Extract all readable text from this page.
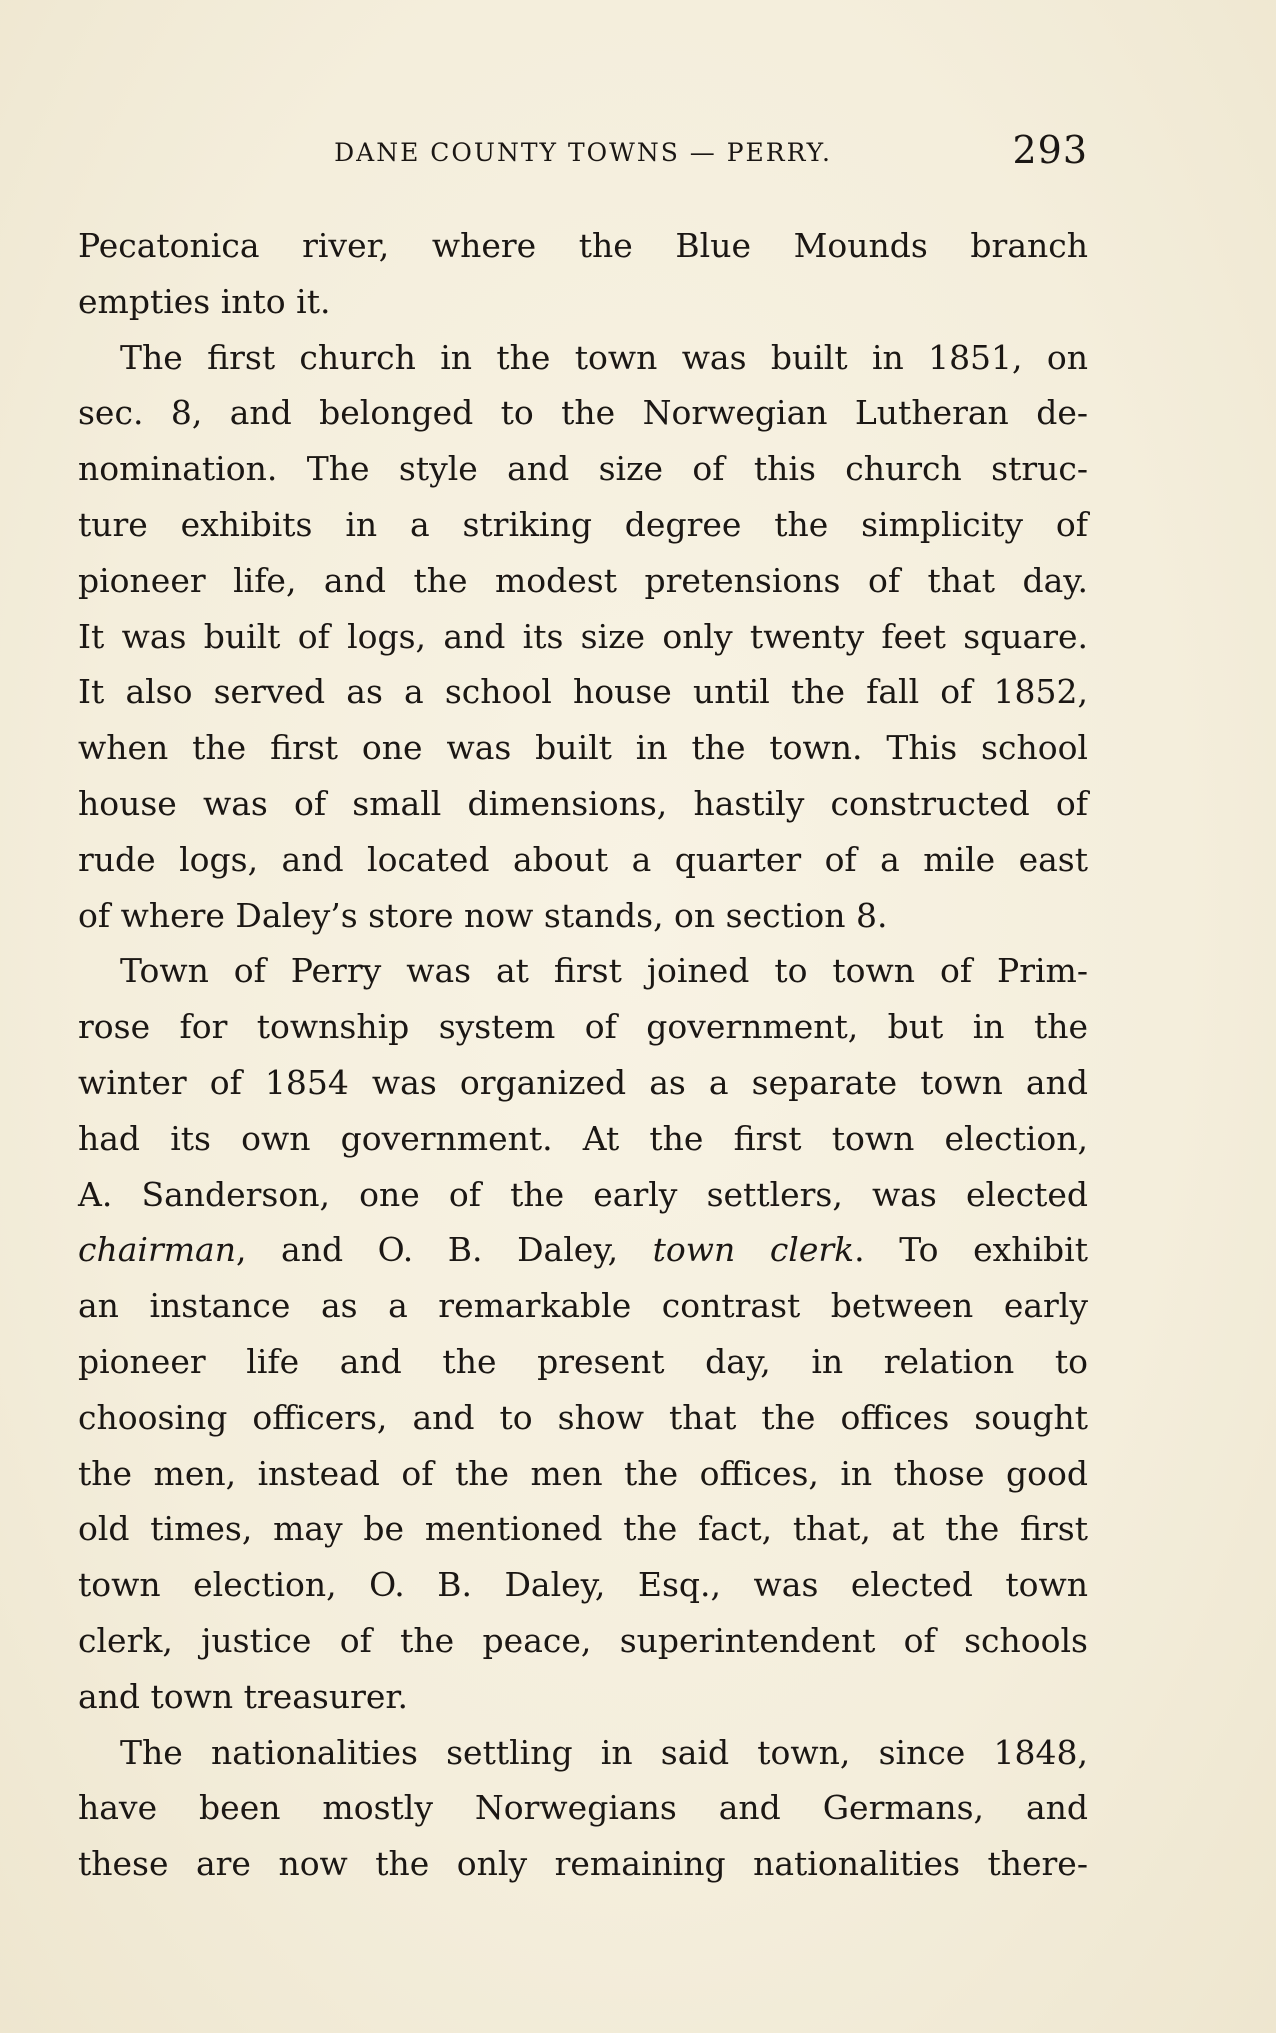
DANE COUNTY TOWNS — PERRY.	293
Pecatonica river, where the Blue Mounds branch
empties into it.
The first church in the town was built in 1851, on
sec. 8, and belonged to the Norwegian Lutheran de-
nomination. The style and size of this church struc-
ture exhibits in a striking degree the simplicity of
pioneer life, and the modest pretensions of that day.
It was built of logs, and its size only twenty feet square.
It also served as a school house until the fall of 1852,
when the first one was built in the town. This school
house was of small dimensions, hastily constructed of
rude logs, and located about a quarter of a mile east
of where Daley’s store now stands, on section 8.
Town of Perry was at first joined to town of Prim-
rose for township system of government, but in the
winter of 1854 was organized as a separate town and
had its own government. At the first town election,
A. Sanderson, one of the early settlers, was elected
chairman, and O. B. Daley, town clerk. To exhibit
an instance as a remarkable contrast between early
pioneer life and the present day, in relation to
choosing officers, and to show that the offices sought
the men, instead of the men the offices, in those good
old times, may be mentioned the fact, that, at the first
town election, O. B. Daley, Esq., was elected town
clerk, justice of the peace, superintendent of schools
and town treasurer.
The nationalities settling in said town, since 1848,
have been mostly Norwegians and Germans, and
these are now the only remaining nationalities there-
